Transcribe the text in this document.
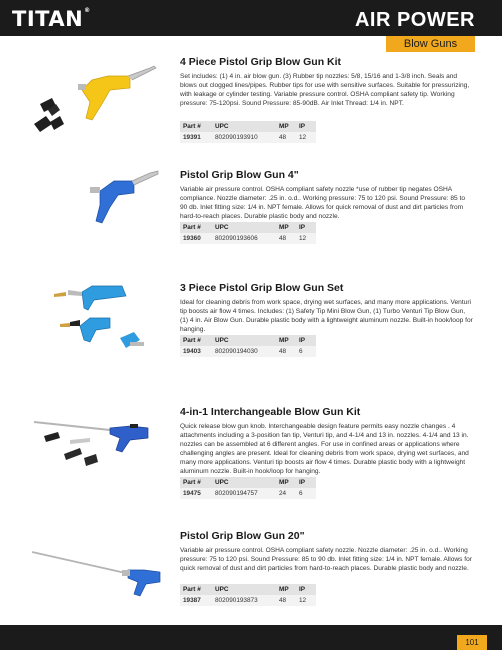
TITAN®	AIR POWER
Blow Guns
4 Piece Pistol Grip Blow Gun Kit
Set includes: (1) 4 in. air blow gun. (3) Rubber tip nozzles: 5/8, 15/16 and 1-3/8 inch. Seals and blows out clogged lines/pipes. Rubber tips for use with sensitive surfaces. Suitable for pressurizing, with leakage or cylinder testing. Variable pressure control. OSHA compliant safety tip. Working pressure: 75-120psi. Sound Pressure: 85-90dB. Air Inlet Thread: 1/4 in. NPT.
Part #	UPC	MP	IP
19391	802090193910	48	12
Pistol Grip Blow Gun 4"
Variable air pressure control. OSHA compliant safety nozzle *use of rubber tip negates OSHA compliance. Nozzle diameter: .25 in. o.d.. Working pressure: 75 to 120 psi. Sound Pressure: 85 to 90 db. Inlet fitting size: 1/4 in. NPT female. Allows for quick removal of dust and dirt particles from hard-to-reach places. Durable plastic body and nozzle.
Part #	UPC	MP	IP
19360	802090193606	48	12
3 Piece Pistol Grip Blow Gun Set
Ideal for cleaning debris from work space, drying wet surfaces, and many more applications. Venturi tip boosts air flow 4 times. Includes: (1) Safety Tip Mini Blow Gun, (1) Turbo Venturi Tip Blow Gun, (1) 4 in. Air Blow Gun. Durable plastic body with a lightweight aluminum nozzle. Built-in hook/loop for hanging.
Part #	UPC	MP	IP
19403	802090194030	48	6
4-in-1 Interchangeable Blow Gun Kit
Quick release blow gun knob. Interchangeable design feature permits easy nozzle changes . 4 attachments including a 3-position fan tip, Venturi tip, and 4-1/4 and 13 in. nozzles. 4-1/4 and 13 in. nozzles can be assembled at 6 different angles. For use in confined areas or applications where challenging angles are present. Ideal for cleaning debris from work space, drying wet surfaces, and many more applications. Venturi tip boosts air flow 4 times. Durable plastic body with a lightweight aluminum nozzle. Built-in hook/loop for hanging.
Part #	UPC	MP	IP
19475	802090194757	24	6
Pistol Grip Blow Gun 20"
Variable air pressure control. OSHA compliant safety nozzle. Nozzle diameter: .25 in. o.d.. Working pressure: 75 to 120 psi. Sound Pressure: 85 to 90 db. Inlet fitting size: 1/4 in. NPT female. Allows for quick removal of dust and dirt particles from hard-to-reach places. Durable plastic body and nozzle.
Part #	UPC	MP	IP
19387	802090193873	48	12
101
